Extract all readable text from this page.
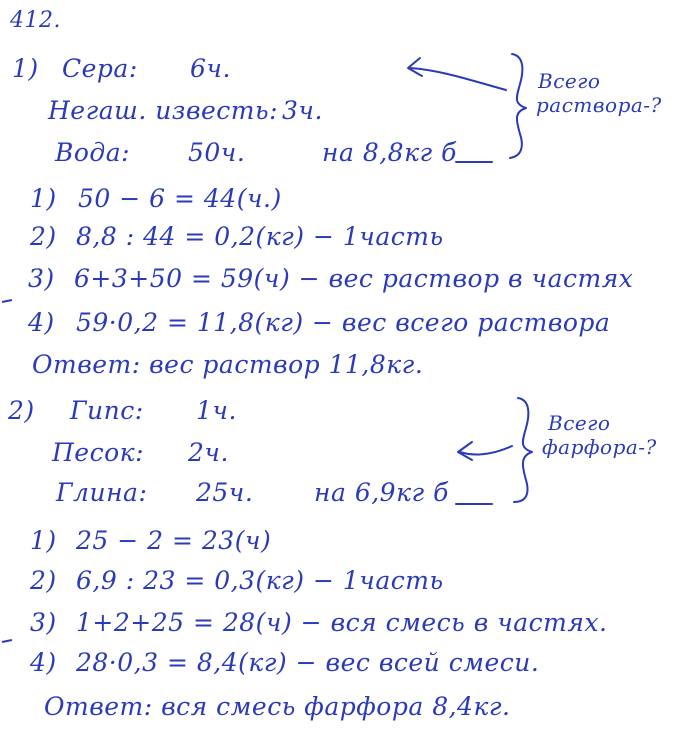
412.
1) Сера: 6ч.
Негаш. известь: 3ч.
Вода: 50ч.	на 8,8кг б
Всего
раствора-?
1) 50 − 6 = 44(ч.)
2) 8,8 : 44 = 0,2(кг) − 1часть
3) 6+3+50 = 59(ч) − вес раствор в частях
4) 59·0,2 = 11,8(кг) − вес всего раствора
Ответ: вес раствор 11,8кг.
2) Гипс: 1ч.
Песок: 2ч.
Глина: 25ч. на 6,9кг б
Всего
фарфора-?
1) 25 − 2 = 23(ч)
2) 6,9 : 23 = 0,3(кг) − 1часть
3) 1+2+25 = 28(ч) − вся смесь в частях.
4) 28·0,3 = 8,4(кг) − вес всей смеси.
Ответ: вся смесь фарфора 8,4кг.
